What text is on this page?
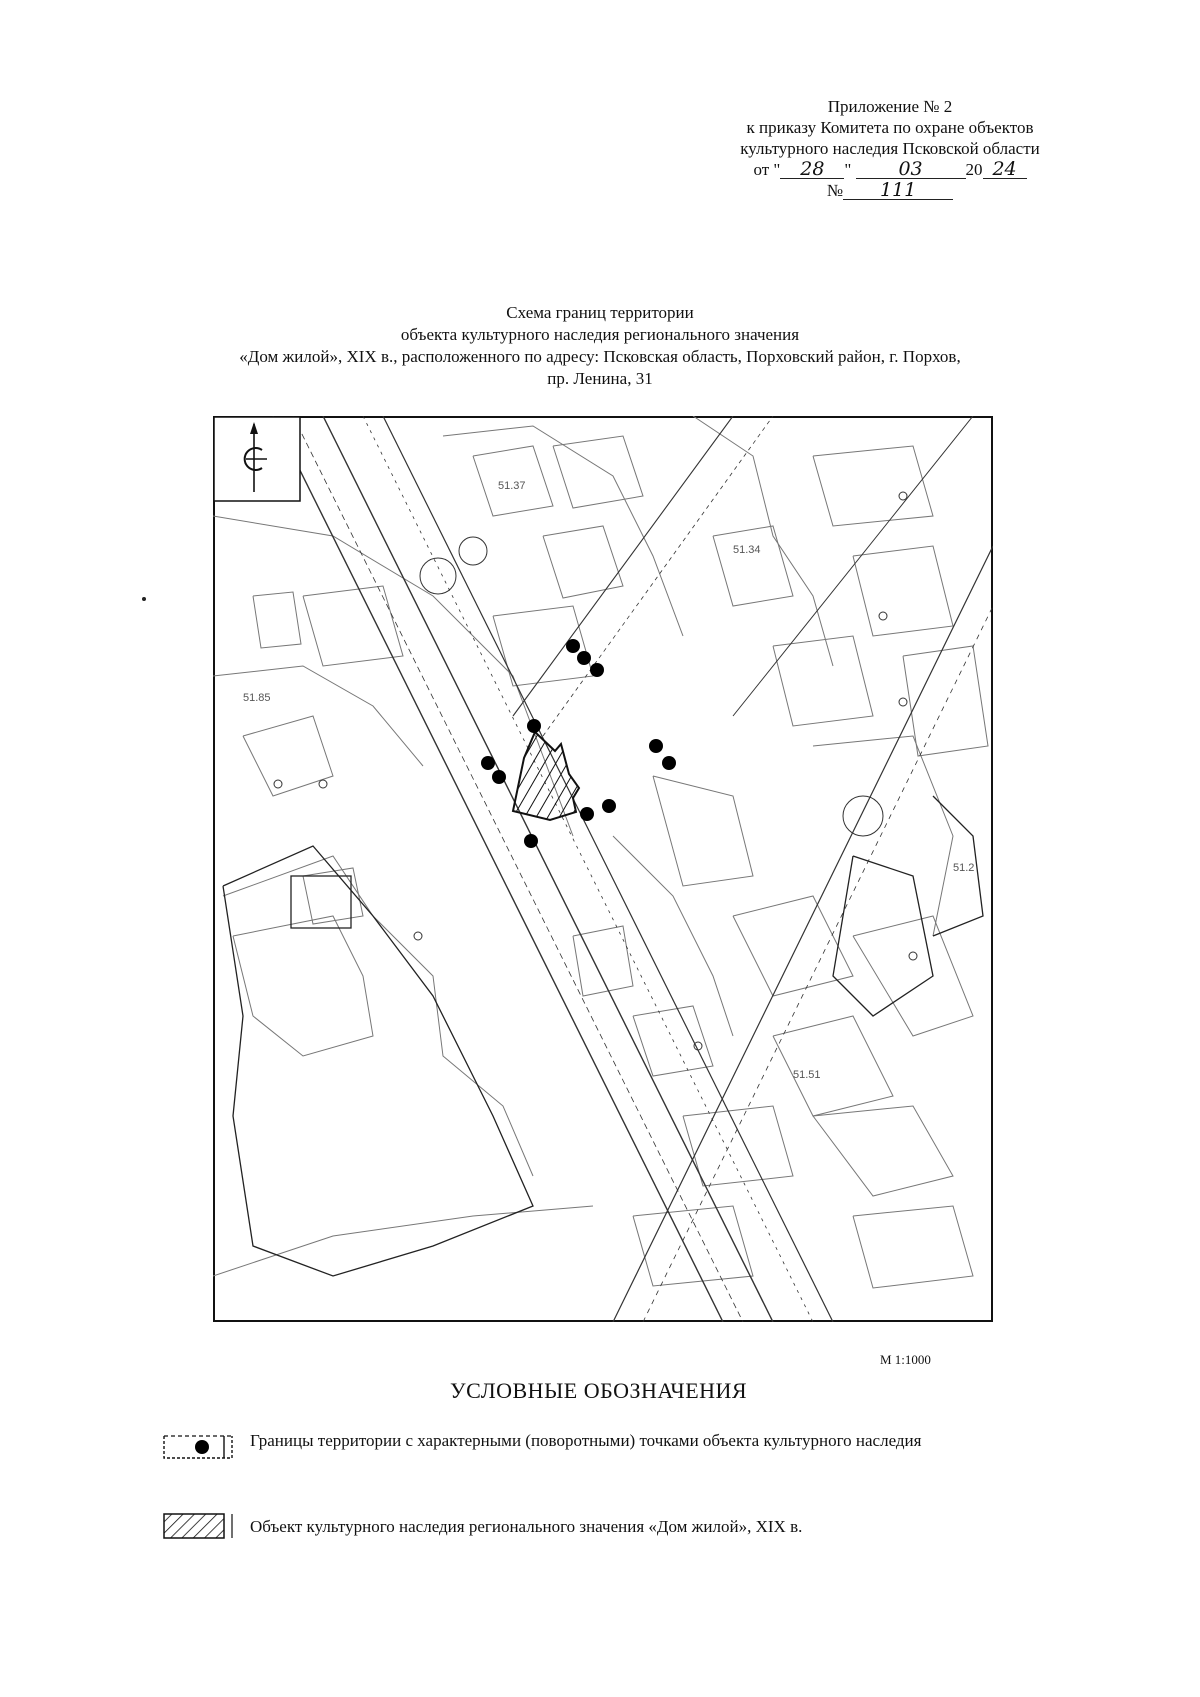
Приложение № 2
к приказу Комитета по охране объектов
культурного наследия Псковской области
от " 28 " 03	20 24
№ 111
Схема границ территории
объекта культурного наследия регионального значения
«Дом жилой», XIX в., расположенного по адресу: Псковская область, Порховский район, г. Порхов,
пр. Ленина, 31
51.37
51.34
51.85
51.51
51.2
М 1:1000
УСЛОВНЫЕ ОБОЗНАЧЕНИЯ
Границы территории с характерными (поворотными) точками объекта культурного наследия
Объект культурного наследия регионального значения «Дом жилой», XIX в.
